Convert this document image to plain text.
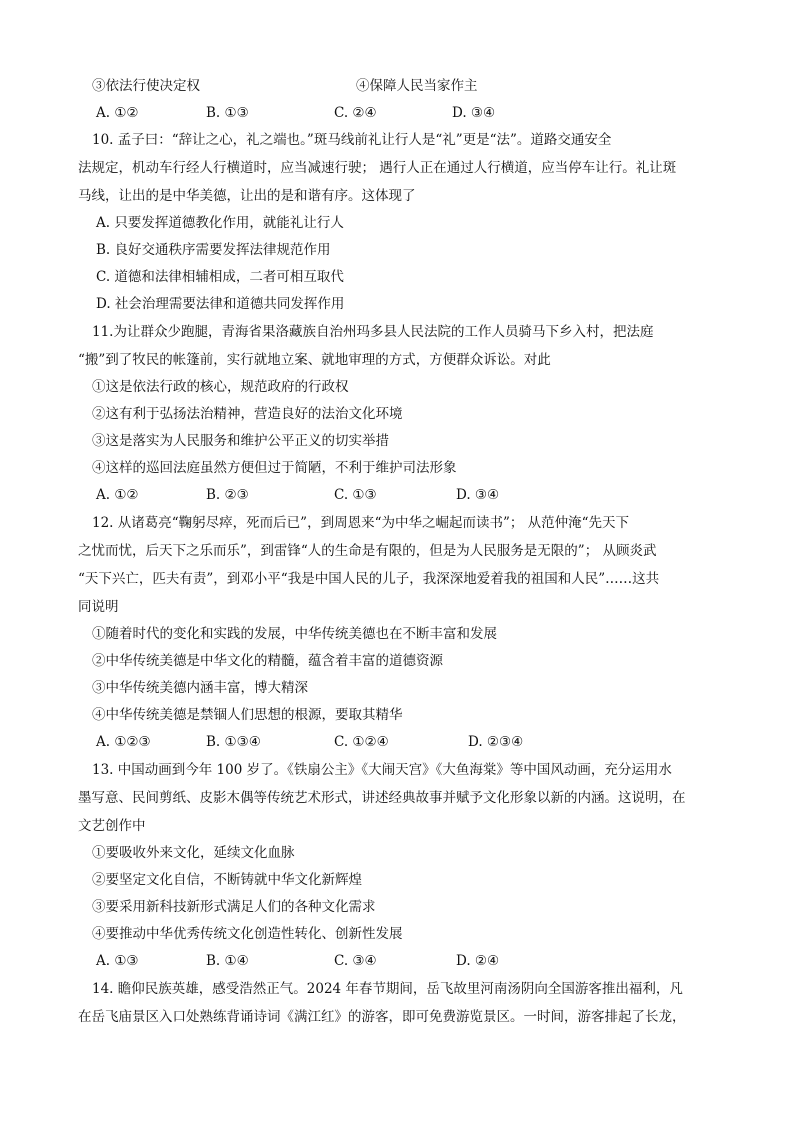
③依法行使决定权	④保障人民当家作主
A. ①②	B. ①③	C. ②④	D. ③④
10. 孟子曰：“辞让之心，礼之端也。”斑马线前礼让行人是“礼”更是“法”。道路交通安全
法规定，机动车行经人行横道时，应当减速行驶； 遇行人正在通过人行横道，应当停车让行。礼让斑
马线，让出的是中华美德，让出的是和谐有序。这体现了
A. 只要发挥道德教化作用，就能礼让行人
B. 良好交通秩序需要发挥法律规范作用
C. 道德和法律相辅相成，二者可相互取代
D. 社会治理需要法律和道德共同发挥作用
11.为让群众少跑腿，青海省果洛藏族自治州玛多县人民法院的工作人员骑马下乡入村，把法庭
“搬”到了牧民的帐篷前，实行就地立案、就地审理的方式，方便群众诉讼。对此
①这是依法行政的核心，规范政府的行政权
②这有利于弘扬法治精神，营造良好的法治文化环境
③这是落实为人民服务和维护公平正义的切实举措
④这样的巡回法庭虽然方便但过于简陋，不利于维护司法形象
A. ①②	B. ②③	C. ①③	D. ③④
12. 从诸葛亮“鞠躬尽瘁，死而后已”，到周恩来“为中华之崛起而读书”； 从范仲淹“先天下
之忧而忧，后天下之乐而乐”，到雷锋“人的生命是有限的，但是为人民服务是无限的”； 从顾炎武
“天下兴亡，匹夫有责”，到邓小平“我是中国人民的儿子，我深深地爱着我的祖国和人民”……这共
同说明
①随着时代的变化和实践的发展，中华传统美德也在不断丰富和发展
②中华传统美德是中华文化的精髓，蕴含着丰富的道德资源
③中华传统美德内涵丰富，博大精深
④中华传统美德是禁锢人们思想的根源，要取其精华
A. ①②③	B. ①③④	C. ①②④	D. ②③④
13. 中国动画到今年 100 岁了。《铁扇公主》《大闹天宫》《大鱼海棠》等中国风动画，充分运用水
墨写意、民间剪纸、皮影木偶等传统艺术形式，讲述经典故事并赋予文化形象以新的内涵。这说明，在
文艺创作中
①要吸收外来文化，延续文化血脉
②要坚定文化自信，不断铸就中华文化新辉煌
③要采用新科技新形式满足人们的各种文化需求
④要推动中华优秀传统文化创造性转化、创新性发展
A. ①③	B. ①④	C. ③④	D. ②④
14. 瞻仰民族英雄，感受浩然正气。2024 年春节期间，岳飞故里河南汤阴向全国游客推出福利，凡
在岳飞庙景区入口处熟练背诵诗词《满江红》的游客，即可免费游览景区。一时间，游客排起了长龙，
